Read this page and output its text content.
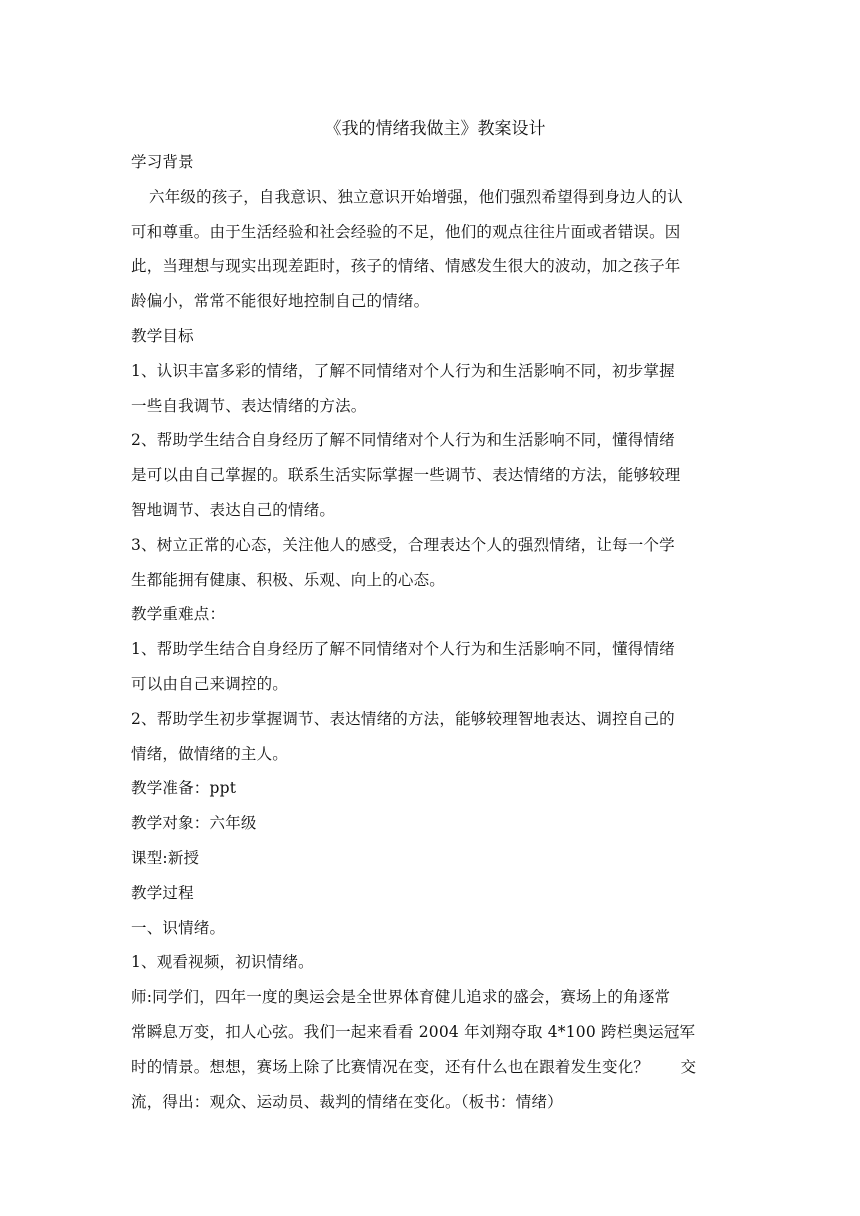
《我的情绪我做主》教案设计

学习背景

六年级的孩子，自我意识、独立意识开始增强，他们强烈希望得到身边人的认
可和尊重。由于生活经验和社会经验的不足，他们的观点往往片面或者错误。因
此，当理想与现实出现差距时，孩子的情绪、情感发生很大的波动，加之孩子年
龄偏小，常常不能很好地控制自己的情绪。

教学目标

1、认识丰富多彩的情绪，了解不同情绪对个人行为和生活影响不同，初步掌握
一些自我调节、表达情绪的方法。

2、帮助学生结合自身经历了解不同情绪对个人行为和生活影响不同，懂得情绪
是可以由自己掌握的。联系生活实际掌握一些调节、表达情绪的方法，能够较理
智地调节、表达自己的情绪。

3、树立正常的心态，关注他人的感受，合理表达个人的强烈情绪，让每一个学
生都能拥有健康、积极、乐观、向上的心态。

教学重难点：

1、帮助学生结合自身经历了解不同情绪对个人行为和生活影响不同，懂得情绪
可以由自己来调控的。

2、帮助学生初步掌握调节、表达情绪的方法，能够较理智地表达、调控自己的
情绪，做情绪的主人。

教学准备：ppt

教学对象：六年级

课型:新授

教学过程

一、识情绪。

1、观看视频，初识情绪。

师:同学们，四年一度的奥运会是全世界体育健儿追求的盛会，赛场上的角逐常
常瞬息万变，扣人心弦。我们一起来看看 2004 年刘翔夺取 4*100 跨栏奥运冠军
时的情景。想想，赛场上除了比赛情况在变，还有什么也在跟着发生变化？　　交
流，得出：观众、运动员、裁判的情绪在变化。（板书：情绪）
